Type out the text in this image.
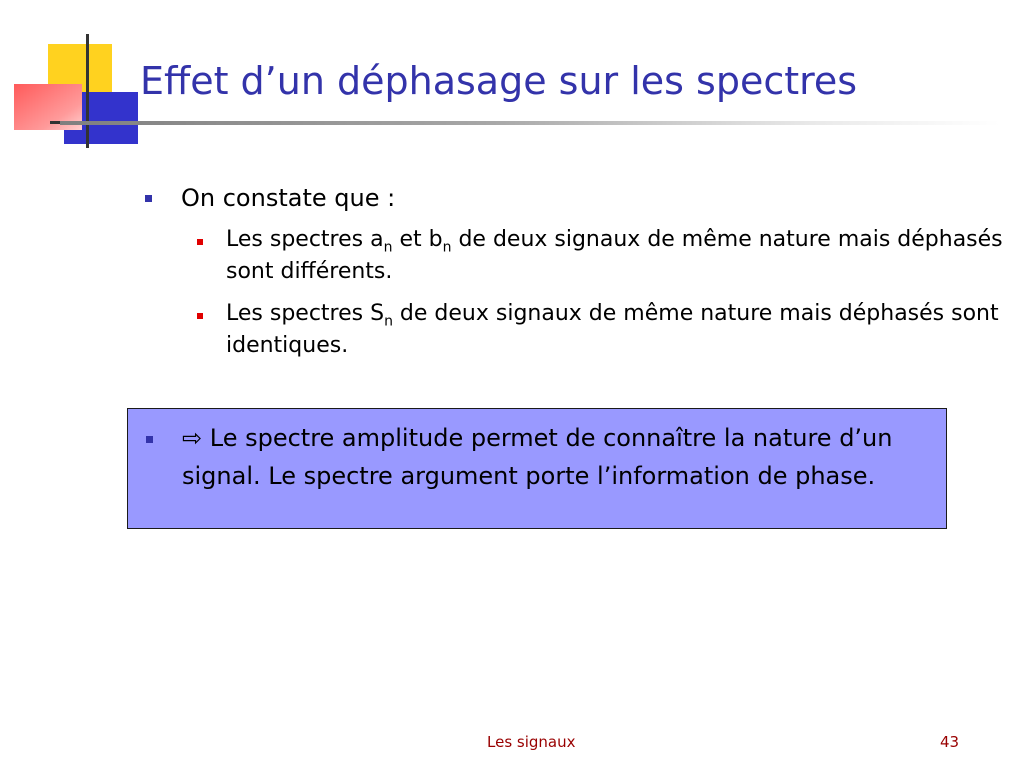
Effet d’un déphasage sur les spectres
On constate que :
Les spectres $a_n$ et $b_n$ de deux signaux de même nature mais déphasés sont différents.
Les spectres $S_n$ de deux signaux de même nature mais déphasés sont identiques.
⇨ Le spectre amplitude permet de connaître la nature d’un signal. Le spectre argument porte l’information de phase.
Les signaux	43
